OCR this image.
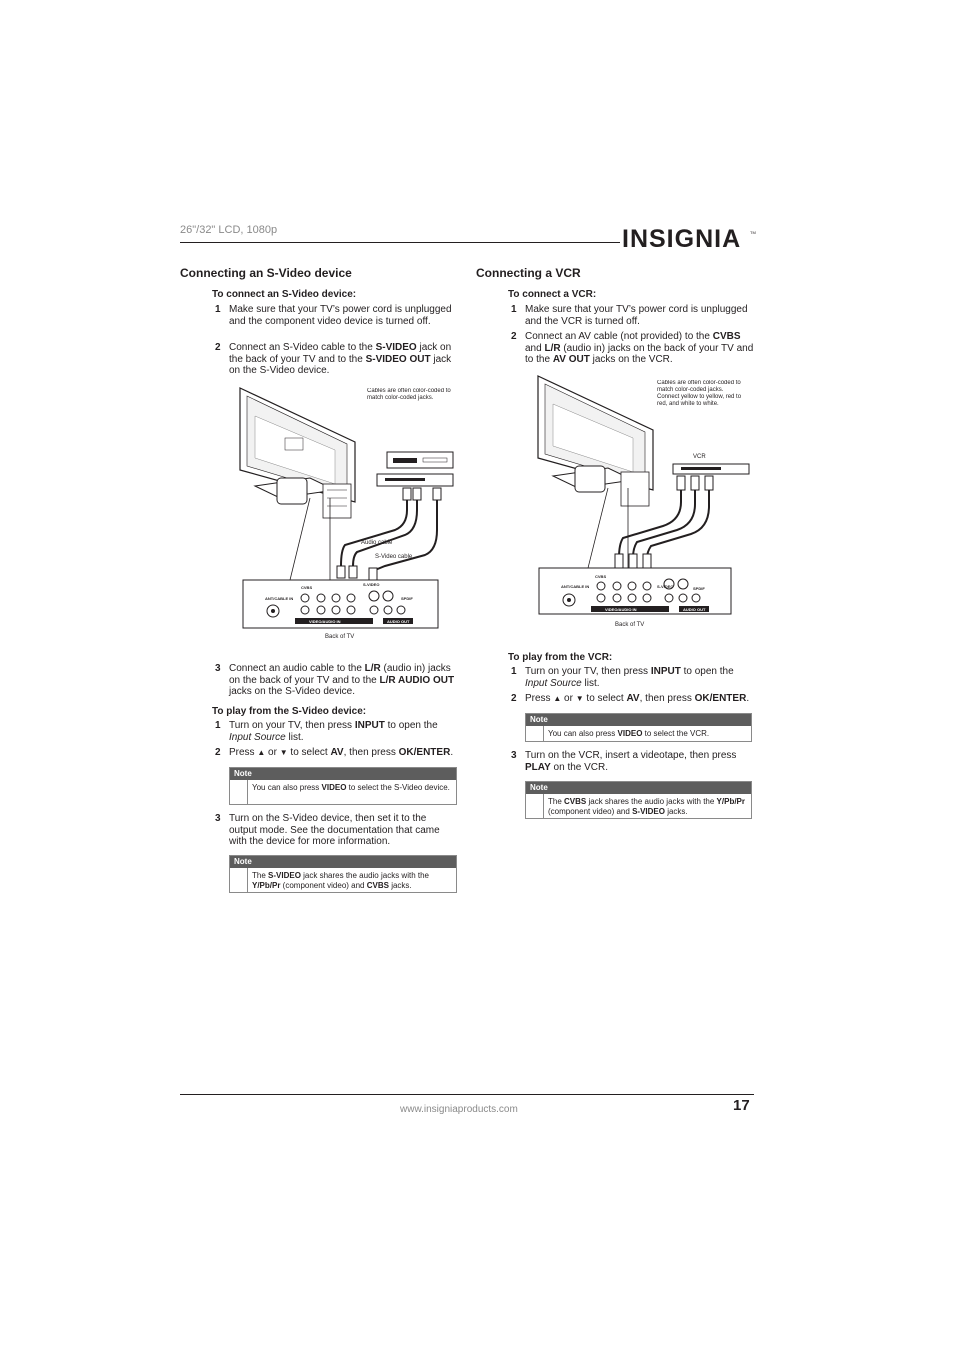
26"/32" LCD, 1080p	INSIGNIA TM
Connecting an S-Video device
To connect an S-Video device:
1 Make sure that your TV’s power cord is unplugged and the component video device is turned off.
2 Connect an S-Video cable to the S-VIDEO jack on the back of your TV and to the S-VIDEO OUT jack on the S-Video device.
Cables are often color-coded to match color-coded jacks.
Audio cable
S-Video cable
ANT/CABLE IN
CVBS
S-VIDEO
SPDIF
VIDEO/AUDIO IN	AUDIO OUT
Back of TV
3 Connect an audio cable to the L/R (audio in) jacks on the back of your TV and to the L/R AUDIO OUT jacks on the S-Video device.
To play from the S-Video device:
1 Turn on your TV, then press INPUT to open the Input Source list.
2 Press ▲ or ▼ to select AV, then press OK/ENTER.
Note
You can also press VIDEO to select the S-Video device.
3 Turn on the S-Video device, then set it to the output mode. See the documentation that came with the device for more information.
Note
The S-VIDEO jack shares the audio jacks with the Y/Pb/Pr (component video) and CVBS jacks.
Connecting a VCR
To connect a VCR:
1 Make sure that your TV’s power cord is unplugged and the VCR is turned off.
2 Connect an AV cable (not provided) to the CVBS and L/R (audio in) jacks on the back of your TV and to the AV OUT jacks on the VCR.
Cables are often color-coded to match color-coded jacks. Connect yellow to yellow, red to red, and white to white.
VCR
ANT/CABLE IN
CVBS
S-VIDEO	SPDIF
VIDEO/AUDIO IN	AUDIO OUT
Back of TV
To play from the VCR:
1 Turn on your TV, then press INPUT to open the Input Source list.
2 Press ▲ or ▼ to select AV, then press OK/ENTER.
Note
You can also press VIDEO to select the VCR.
3 Turn on the VCR, insert a videotape, then press PLAY on the VCR.
Note
The CVBS jack shares the audio jacks with the Y/Pb/Pr (component video) and S-VIDEO jacks.
www.insigniaproducts.com	17
